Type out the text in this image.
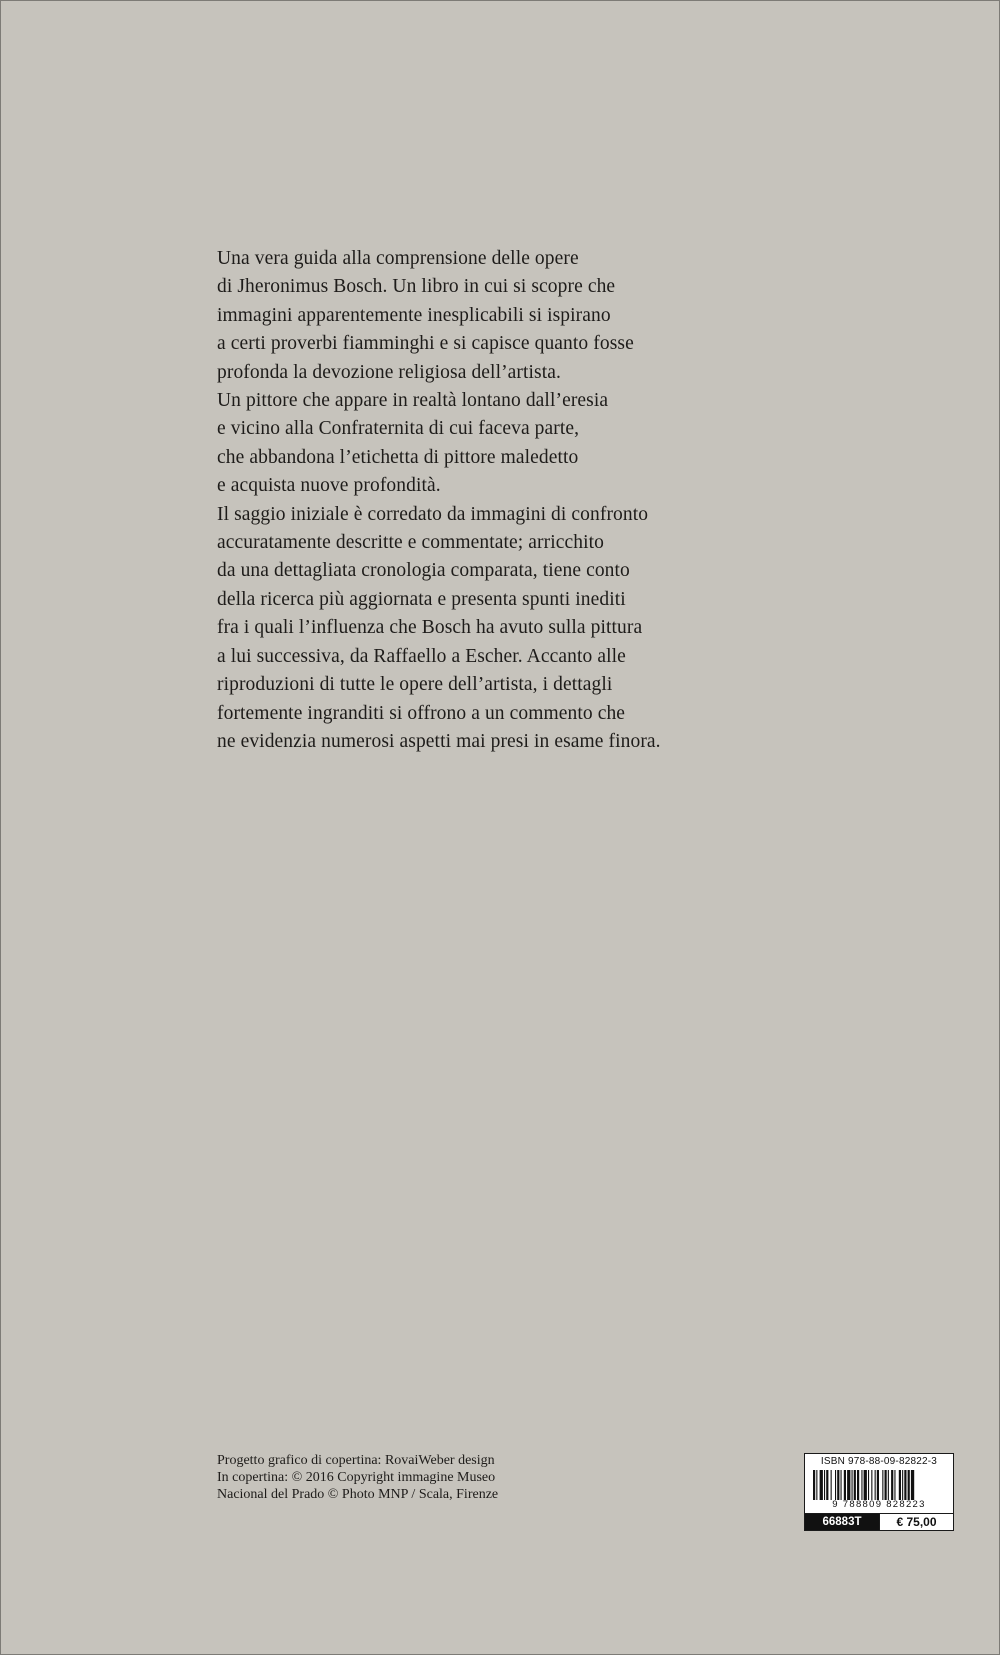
Una vera guida alla comprensione delle opere
di Jheronimus Bosch. Un libro in cui si scopre che
immagini apparentemente inesplicabili si ispirano
a certi proverbi fiamminghi e si capisce quanto fosse
profonda la devozione religiosa dell’artista.
Un pittore che appare in realtà lontano dall’eresia
e vicino alla Confraternita di cui faceva parte,
che abbandona l’etichetta di pittore maledetto
e acquista nuove profondità.
Il saggio iniziale è corredato da immagini di confronto
accuratamente descritte e commentate; arricchito
da una dettagliata cronologia comparata, tiene conto
della ricerca più aggiornata e presenta spunti inediti
fra i quali l’influenza che Bosch ha avuto sulla pittura
a lui successiva, da Raffaello a Escher. Accanto alle
riproduzioni di tutte le opere dell’artista, i dettagli
fortemente ingranditi si offrono a un commento che
ne evidenzia numerosi aspetti mai presi in esame finora.
Progetto grafico di copertina: RovaiWeber design
In copertina: © 2016 Copyright immagine Museo
Nacional del Prado © Photo MNP / Scala, Firenze
ISBN 978-88-09-82822-3
9 788809 828223
66883T	€ 75,00
